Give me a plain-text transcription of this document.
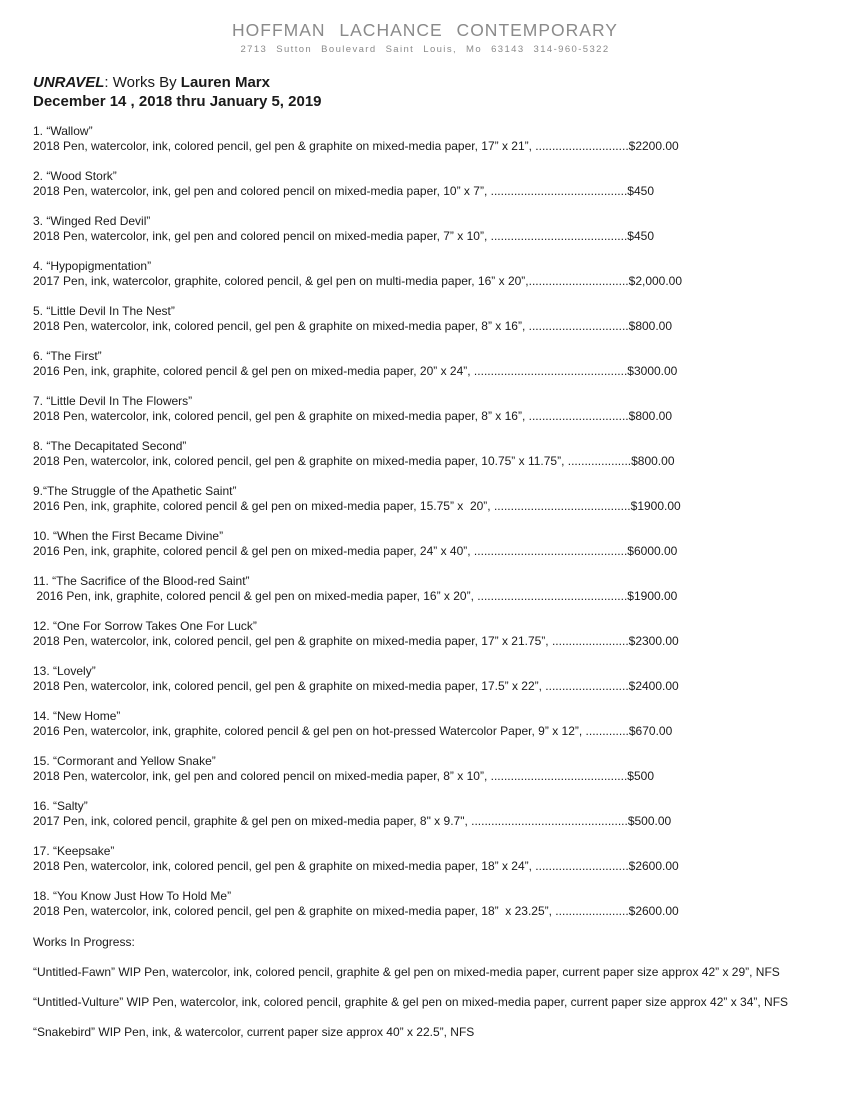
HOFFMAN LACHANCE CONTEMPORARY
2713 Sutton Boulevard Saint Louis, Mo 63143 314-960-5322
UNRAVEL: Works By Lauren Marx
December 14 , 2018 thru January 5, 2019
1. “Wallow”
2018 Pen, watercolor, ink, colored pencil, gel pen & graphite on mixed-media paper, 17” x 21”, ............................$2200.00
2. “Wood Stork”
2018 Pen, watercolor, ink, gel pen and colored pencil on mixed-media paper, 10” x 7”, .........................................$450
3. “Winged Red Devil”
2018 Pen, watercolor, ink, gel pen and colored pencil on mixed-media paper, 7” x 10”, .........................................$450
4. “Hypopigmentation”
2017 Pen, ink, watercolor, graphite, colored pencil, & gel pen on multi-media paper, 16” x 20”,..............................$2,000.00
5. “Little Devil In The Nest”
2018 Pen, watercolor, ink, colored pencil, gel pen & graphite on mixed-media paper, 8” x 16”, ..............................$800.00
6. “The First”
2016 Pen, ink, graphite, colored pencil & gel pen on mixed-media paper, 20” x 24”, ..............................................$3000.00
7. “Little Devil In The Flowers”
2018 Pen, watercolor, ink, colored pencil, gel pen & graphite on mixed-media paper, 8” x 16”, ..............................$800.00
8. “The Decapitated Second”
2018 Pen, watercolor, ink, colored pencil, gel pen & graphite on mixed-media paper, 10.75” x 11.75”, ...................$800.00
9.“The Struggle of the Apathetic Saint”
2016 Pen, ink, graphite, colored pencil & gel pen on mixed-media paper, 15.75” x  20”, .........................................$1900.00
10. “When the First Became Divine”
2016 Pen, ink, graphite, colored pencil & gel pen on mixed-media paper, 24” x 40”, ..............................................$6000.00
11. “The Sacrifice of the Blood-red Saint”
2016 Pen, ink, graphite, colored pencil & gel pen on mixed-media paper, 16” x 20”, .............................................$1900.00
12. “One For Sorrow Takes One For Luck”
2018 Pen, watercolor, ink, colored pencil, gel pen & graphite on mixed-media paper, 17” x 21.75”, .......................$2300.00
13. “Lovely”
2018 Pen, watercolor, ink, colored pencil, gel pen & graphite on mixed-media paper, 17.5” x 22”, .........................$2400.00
14. “New Home”
2016 Pen, watercolor, ink, graphite, colored pencil & gel pen on hot-pressed Watercolor Paper, 9” x 12”, .............$670.00
15. “Cormorant and Yellow Snake”
2018 Pen, watercolor, ink, gel pen and colored pencil on mixed-media paper, 8” x 10”, .........................................$500
16. “Salty”
2017 Pen, ink, colored pencil, graphite & gel pen on mixed-media paper, 8" x 9.7", ...............................................$500.00
17. “Keepsake”
2018 Pen, watercolor, ink, colored pencil, gel pen & graphite on mixed-media paper, 18” x 24”, ............................$2600.00
18. “You Know Just How To Hold Me”
2018 Pen, watercolor, ink, colored pencil, gel pen & graphite on mixed-media paper, 18”  x 23.25”, ......................$2600.00
Works In Progress:
“Untitled-Fawn” WIP Pen, watercolor, ink, colored pencil, graphite & gel pen on mixed-media paper, current paper size approx 42” x 29”, NFS
“Untitled-Vulture” WIP Pen, watercolor, ink, colored pencil, graphite & gel pen on mixed-media paper, current paper size approx 42” x 34”, NFS
“Snakebird” WIP Pen, ink, & watercolor, current paper size approx 40” x 22.5”, NFS
